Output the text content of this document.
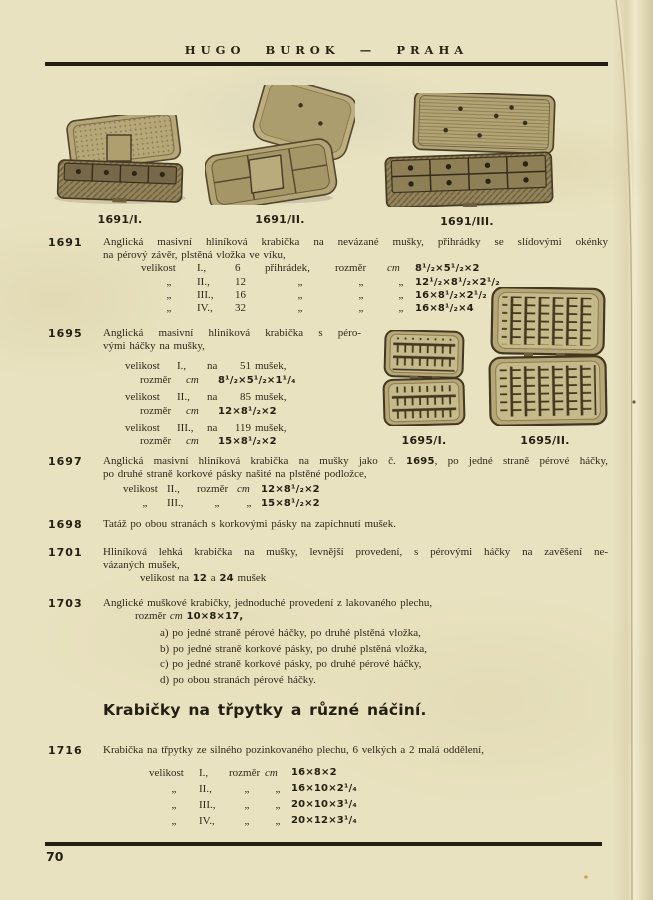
HUGO BUROK — PRAHA
1691/I.	1691/II.	1691/III.
1691 Anglická masivní hliníková krabička na nevázané mušky, přihrádky se slídovými okénky
na pérový závěr, plstěná vložka ve víku,
velikost	I.,	6	přihrádek,	rozměr	cm	8¹/₂×5¹/₂×2
„	II.,	12	„	„	„	12¹/₂×8¹/₂×2¹/₂
„	III.,	16	„	„	„	16×8¹/₂×2¹/₂
„	IV.,	32	„	„	„	16×8¹/₂×4
1695 Anglická masivní hliníková krabička s péro-
vými háčky na mušky,
velikost	I.,	na	51 mušek,
rozměr	cm	8¹/₂×5¹/₂×1¹/₄
velikost	II.,	na	85 mušek,
rozměr	cm	12×8¹/₂×2
velikost	III.,	na	119 mušek,
rozměr	cm	15×8¹/₂×2	1695/I.	1695/II.
1697 Anglická masivní hliníková krabička na mušky jako č. 1695, po jedné straně pérové háčky,
po druhé straně korkové pásky našité na plstěné podložce,
velikost II.,	rozměr cm	12×8¹/₂×2
„	III.,	„	„ 15×8¹/₂×2
1698 Tatáž po obou stranách s korkovými pásky na zapíchnutí mušek.
1701 Hliníková lehká krabička na mušky, levnější provedení, s pérovými háčky na zavěšení ne-
vázaných mušek,
velikost na 12 a 24 mušek
1703 Anglické muškové krabičky, jednoduché provedení z lakovaného plechu,
rozměr cm 10×8×17,
a) po jedné straně pérové háčky, po druhé plstěná vložka,
b) po jedné straně korkové pásky, po druhé plstěná vložka,
c) po jedné straně korkové pásky, po druhé pérové háčky,
d) po obou stranách pérové háčky.
Krabičky na třpytky a různé náčiní.
1716 Krabička na třpytky ze silného pozinkovaného plechu, 6 velkých a 2 malá oddělení,
velikost	I.,	rozměr cm	16×8×2
„	II.,	„	„	16×10×2¹/₄
„	III.,	„	„	20×10×3¹/₄
„	IV.,	„	„	20×12×3¹/₄
70
